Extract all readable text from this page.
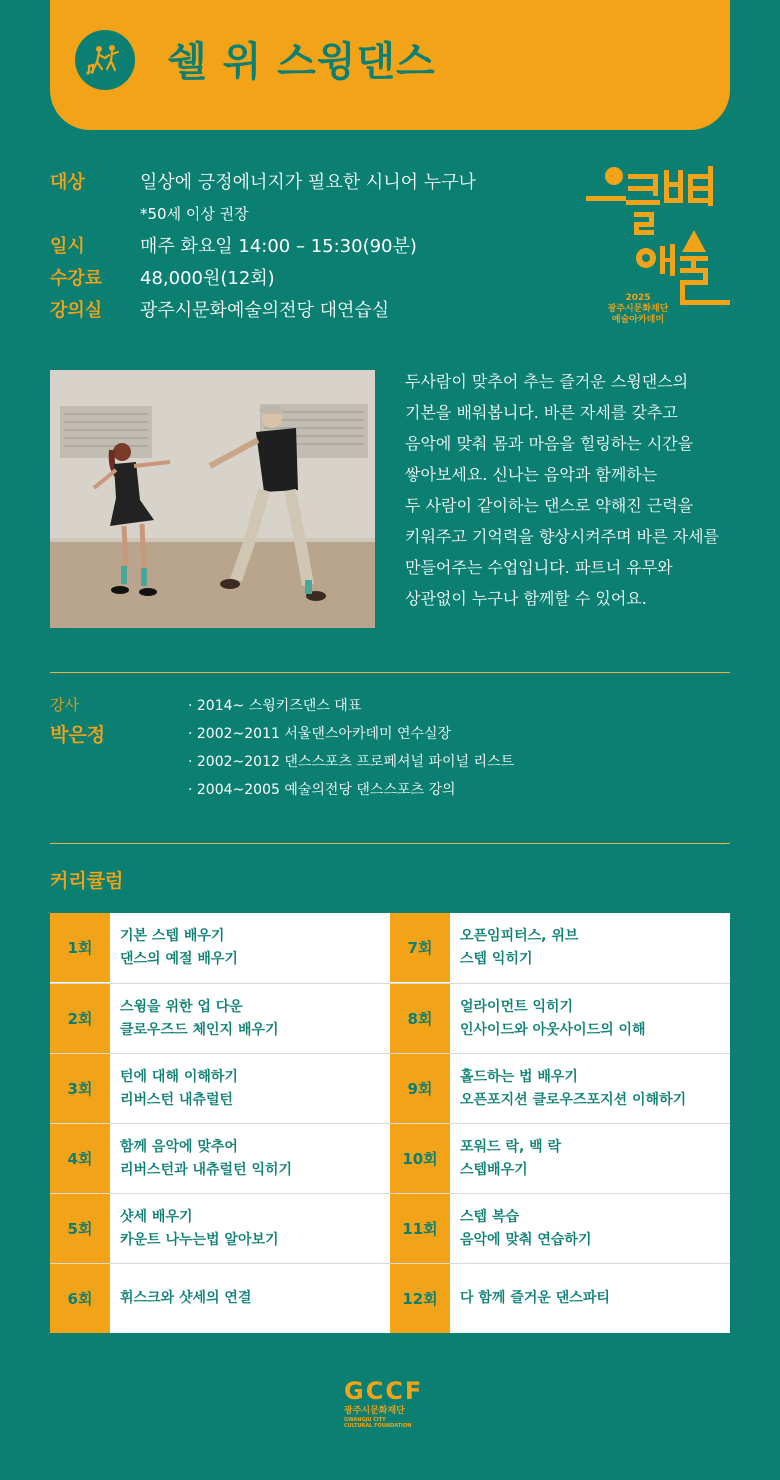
쉘 위 스윙댄스
대상	일상에 긍정에너지가 필요한 시니어 누구나
*50세 이상 권장
일시	매주 화요일 14:00 – 15:30(90분)
수강료	48,000원(12회)
강의실	광주시문화예술의전당 대연습실
2025
광주시문화재단
예술아카데미

두사람이 맞추어 추는 즐거운 스윙댄스의

기본을 배워봅니다. 바른 자세를 갖추고

음악에 맞춰 몸과 마음을 힐링하는 시간을

쌓아보세요. 신나는 음악과 함께하는

두 사람이 같이하는 댄스로 약해진 근력을

키워주고 기억력을 향상시켜주며 바른 자세를

만들어주는 수업입니다. 파트너 유무와

상관없이 누구나 함께할 수 있어요.

강사
박은정
· 2014~ 스윙키즈댄스 대표
· 2002~2011 서울댄스아카데미 연수실장
· 2002~2012 댄스스포츠 프로페셔널 파이널 리스트
· 2004~2005 예술의전당 댄스스포츠 강의
커리큘럼
1회
기본 스텝 배우기
댄스의 예절 배우기
7회
오픈임피터스, 위브
스텝 익히기
2회
스윙을 위한 업 다운
클로우즈드 체인지 배우기
8회
얼라이먼트 익히기
인사이드와 아웃사이드의 이해
3회
턴에 대해 이해하기
리버스턴 내츄럴턴
9회
홀드하는 법 배우기
오픈포지션 클로우즈포지션 이해하기
4회
함께 음악에 맞추어
리버스턴과 내츄럴턴 익히기
10회
포워드 락, 백 락
스텝배우기
5회
샷세 배우기
카운트 나누는법 알아보기
11회
스텝 복습
음악에 맞춰 연습하기
6회	휘스크와 샷세의 연결	12회	다 함께 즐거운 댄스파티
GCCF
광주시문화재단
GWANGJU CITY
CULTURAL FOUNDATION
